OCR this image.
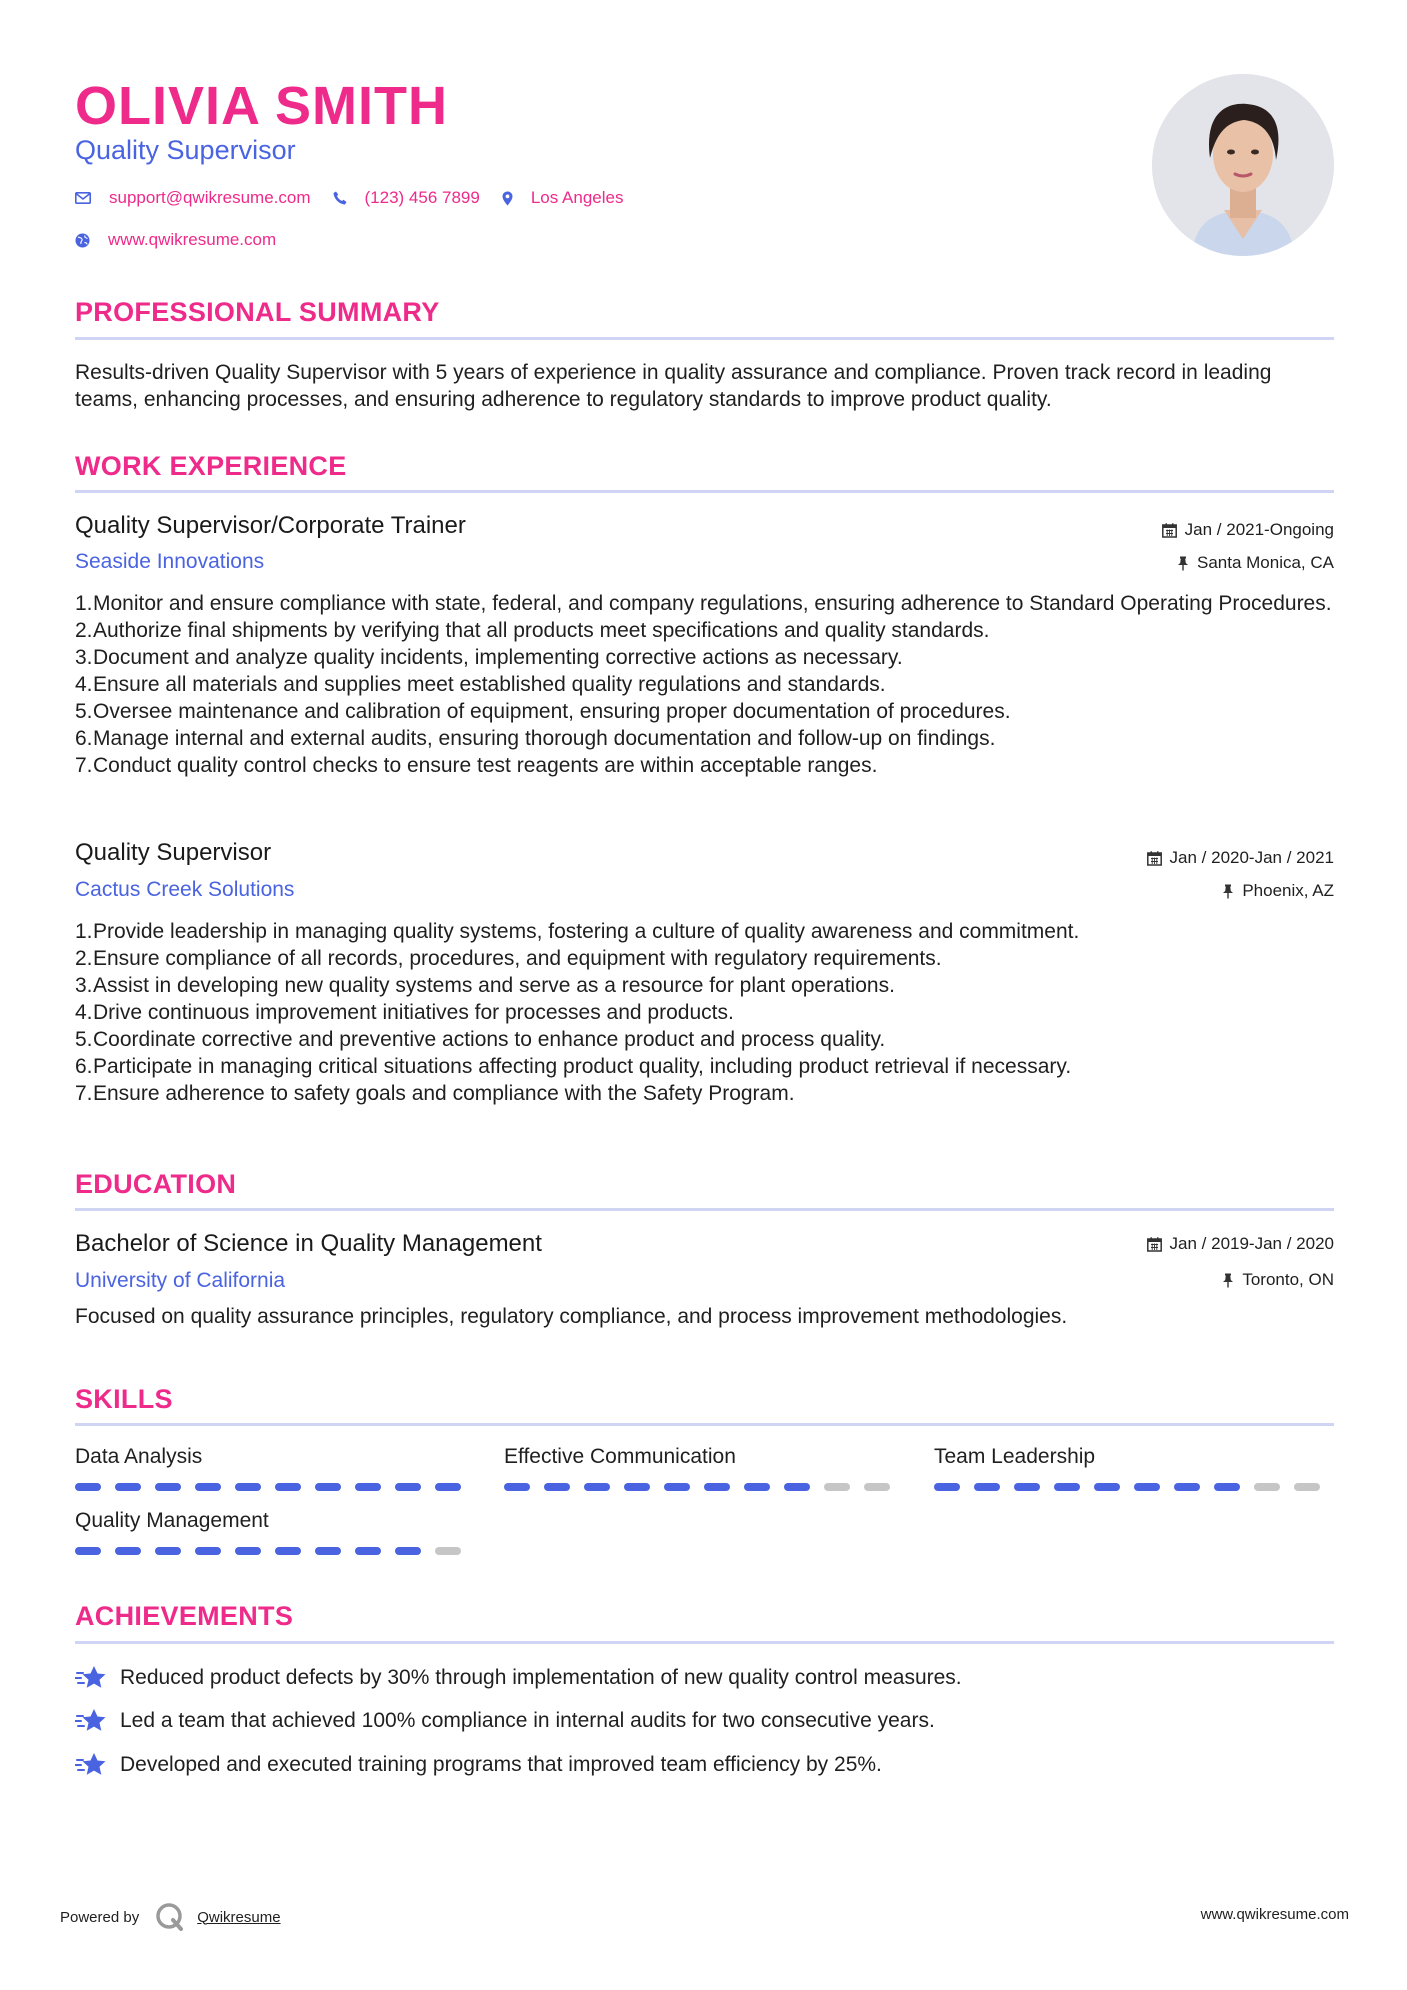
OLIVIA SMITH
Quality Supervisor
support@qwikresume.com	(123) 456 7899	Los Angeles
www.qwikresume.com
PROFESSIONAL SUMMARY
Results-driven Quality Supervisor with 5 years of experience in quality assurance and compliance. Proven track record in leading teams, enhancing processes, and ensuring adherence to regulatory standards to improve product quality.
WORK EXPERIENCE
Quality Supervisor/Corporate Trainer
Seaside Innovations
Jan / 2021-Ongoing
Santa Monica, CA
1. Monitor and ensure compliance with state, federal, and company regulations, ensuring adherence to Standard Operating Procedures.
2. Authorize final shipments by verifying that all products meet specifications and quality standards.
3. Document and analyze quality incidents, implementing corrective actions as necessary.
4. Ensure all materials and supplies meet established quality regulations and standards.
5. Oversee maintenance and calibration of equipment, ensuring proper documentation of procedures.
6. Manage internal and external audits, ensuring thorough documentation and follow-up on findings.
7. Conduct quality control checks to ensure test reagents are within acceptable ranges.
Quality Supervisor
Cactus Creek Solutions
Jan / 2020-Jan / 2021
Phoenix, AZ
1. Provide leadership in managing quality systems, fostering a culture of quality awareness and commitment.
2. Ensure compliance of all records, procedures, and equipment with regulatory requirements.
3. Assist in developing new quality systems and serve as a resource for plant operations.
4. Drive continuous improvement initiatives for processes and products.
5. Coordinate corrective and preventive actions to enhance product and process quality.
6. Participate in managing critical situations affecting product quality, including product retrieval if necessary.
7. Ensure adherence to safety goals and compliance with the Safety Program.
EDUCATION
Bachelor of Science in Quality Management
University of California
Jan / 2019-Jan / 2020
Toronto, ON
Focused on quality assurance principles, regulatory compliance, and process improvement methodologies.
SKILLS
Data Analysis	Effective Communication	Team Leadership
Quality Management
ACHIEVEMENTS
Reduced product defects by 30% through implementation of new quality control measures.
Led a team that achieved 100% compliance in internal audits for two consecutive years.
Developed and executed training programs that improved team efficiency by 25%.
Powered by	Qwikresume	www.qwikresume.com
